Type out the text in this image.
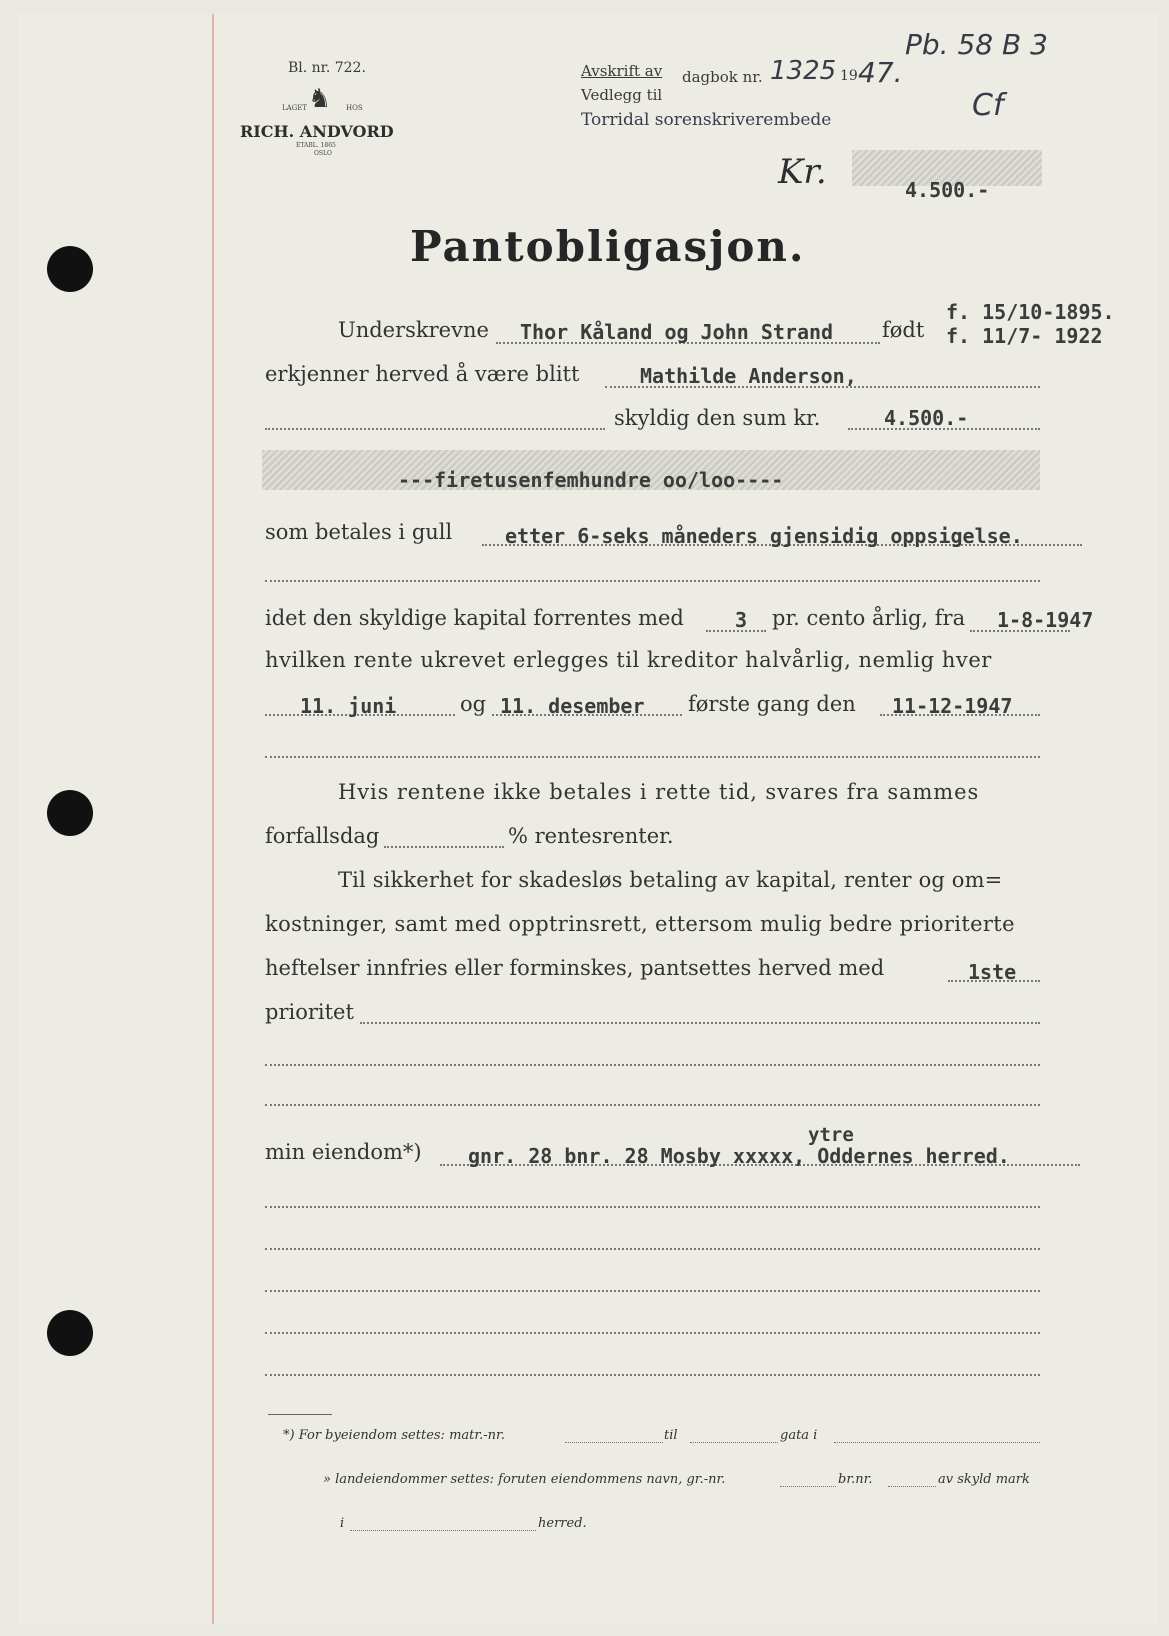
Pb. 58 B 3
Cf
Bl. nr. 722.
♞
LAGET	HOS
RICH. ANDVORD
ETABL. 1865
OSLO
Avskrift av dagbok nr. 1325 19 47.
Vedlegg til
Torridal sorenskriverembede
Kr.	4.500.-
Pantobligasjon.
Underskrevne Thor Kåland og John Strand født
f. 15/10-1895.
f. 11/7- 1922
erkjenner herved å være blitt	Mathilde Anderson,
skyldig den sum kr.	4.500.-
---firetusenfemhundre oo/loo----
som betales i gull	etter 6-seks måneders gjensidig oppsigelse.
idet den skyldige kapital forrentes med	3 pr. cento årlig, fra 1-8-1947
hvilken rente ukrevet erlegges til kreditor halvårlig, nemlig hver
11. juni	og 11. desember første gang den 11-12-1947
Hvis rentene ikke betales i rette tid, svares fra sammes
forfallsdag	% rentesrenter.
Til sikkerhet for skadesløs betaling av kapital, renter og om=
kostninger, samt med opptrinsrett, ettersom mulig bedre prioriterte
heftelser innfries eller forminskes, pantsettes herved med	1ste
prioritet
ytre
min eiendom*) gnr. 28 bnr. 28 Mosby xxxxx, Oddernes herred.
*) For byeiendom settes: matr.-nr.	til	gata i
» landeiendommer settes: foruten eiendommens navn, gr.-nr.	br.nr.	av skyld mark
i	herred.
